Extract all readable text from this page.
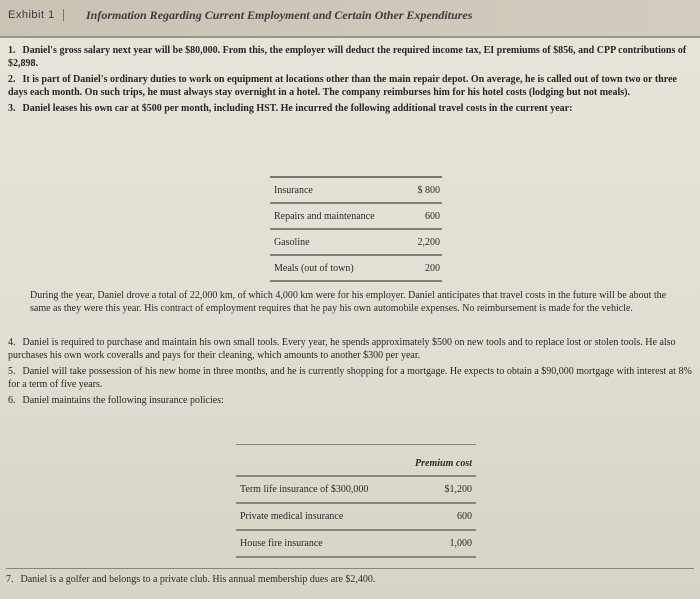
Exhibit 1	Information Regarding Current Employment and Certain Other Expenditures
1. Daniel's gross salary next year will be $80,000. From this, the employer will deduct the required income tax, EI premiums of $856, and CPP contributions of $2,898.
2. It is part of Daniel's ordinary duties to work on equipment at locations other than the main repair depot. On average, he is called out of town two or three days each month. On such trips, he must always stay overnight in a hotel. The company reimburses him for his hotel costs (lodging but not meals).
3. Daniel leases his own car at $500 per month, including HST. He incurred the following additional travel costs in the current year:
Insurance	$ 800
Repairs and maintenance	600
Gasoline	2,200
Meals (out of town)	200
During the year, Daniel drove a total of 22,000 km, of which 4,000 km were for his employer. Daniel anticipates that travel costs in the future will be about the same as they were this year. His contract of employment requires that he pay his own automobile expenses. No reimbursement is made for the vehicle.
4. Daniel is required to purchase and maintain his own small tools. Every year, he spends approximately $500 on new tools and to replace lost or stolen tools. He also purchases his own work coveralls and pays for their cleaning, which amounts to another $300 per year.
5. Daniel will take possession of his new home in three months, and he is currently shopping for a mortgage. He expects to obtain a $90,000 mortgage with interest at 8% for a term of five years.
6. Daniel maintains the following insurance policies:
Premium cost
Term life insurance of $300,000	$1,200
Private medical insurance	600
House fire insurance	1,000
7. Daniel is a golfer and belongs to a private club. His annual membership dues are $2,400.
